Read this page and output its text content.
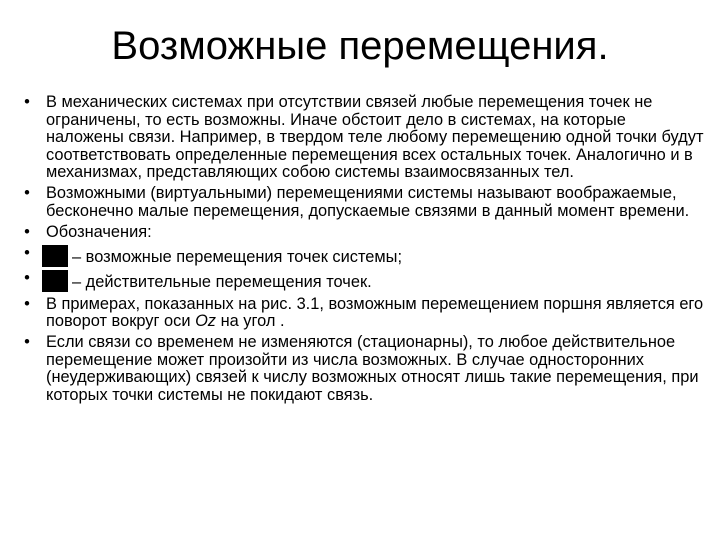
Возможные перемещения.
• В механических системах при отсутствии связей любые перемещения точек не ограничены, то есть возможны. Иначе обстоит дело в системах, на которые наложены связи. Например, в твердом теле любому перемещению одной точки будут соответствовать определенные перемещения всех остальных точек. Аналогично и в механизмах, представляющих собою системы взаимосвязанных тел.
• Возможными (виртуальными) перемещениями системы называют воображаемые, бесконечно малые перемещения, допускаемые связями в данный момент времени.
• Обозначения:
•	– возможные перемещения точек системы;
•	– действительные перемещения точек.
• В примерах, показанных на рис. 3.1, возможным перемещением поршня является его поворот вокруг оси Oz на угол .
• Если связи со временем не изменяются (стационарны), то любое действительное перемещение может произойти из числа возможных. В случае односторонних (неудерживающих) связей к числу возможных относят лишь такие перемещения, при которых точки системы не покидают связь.
